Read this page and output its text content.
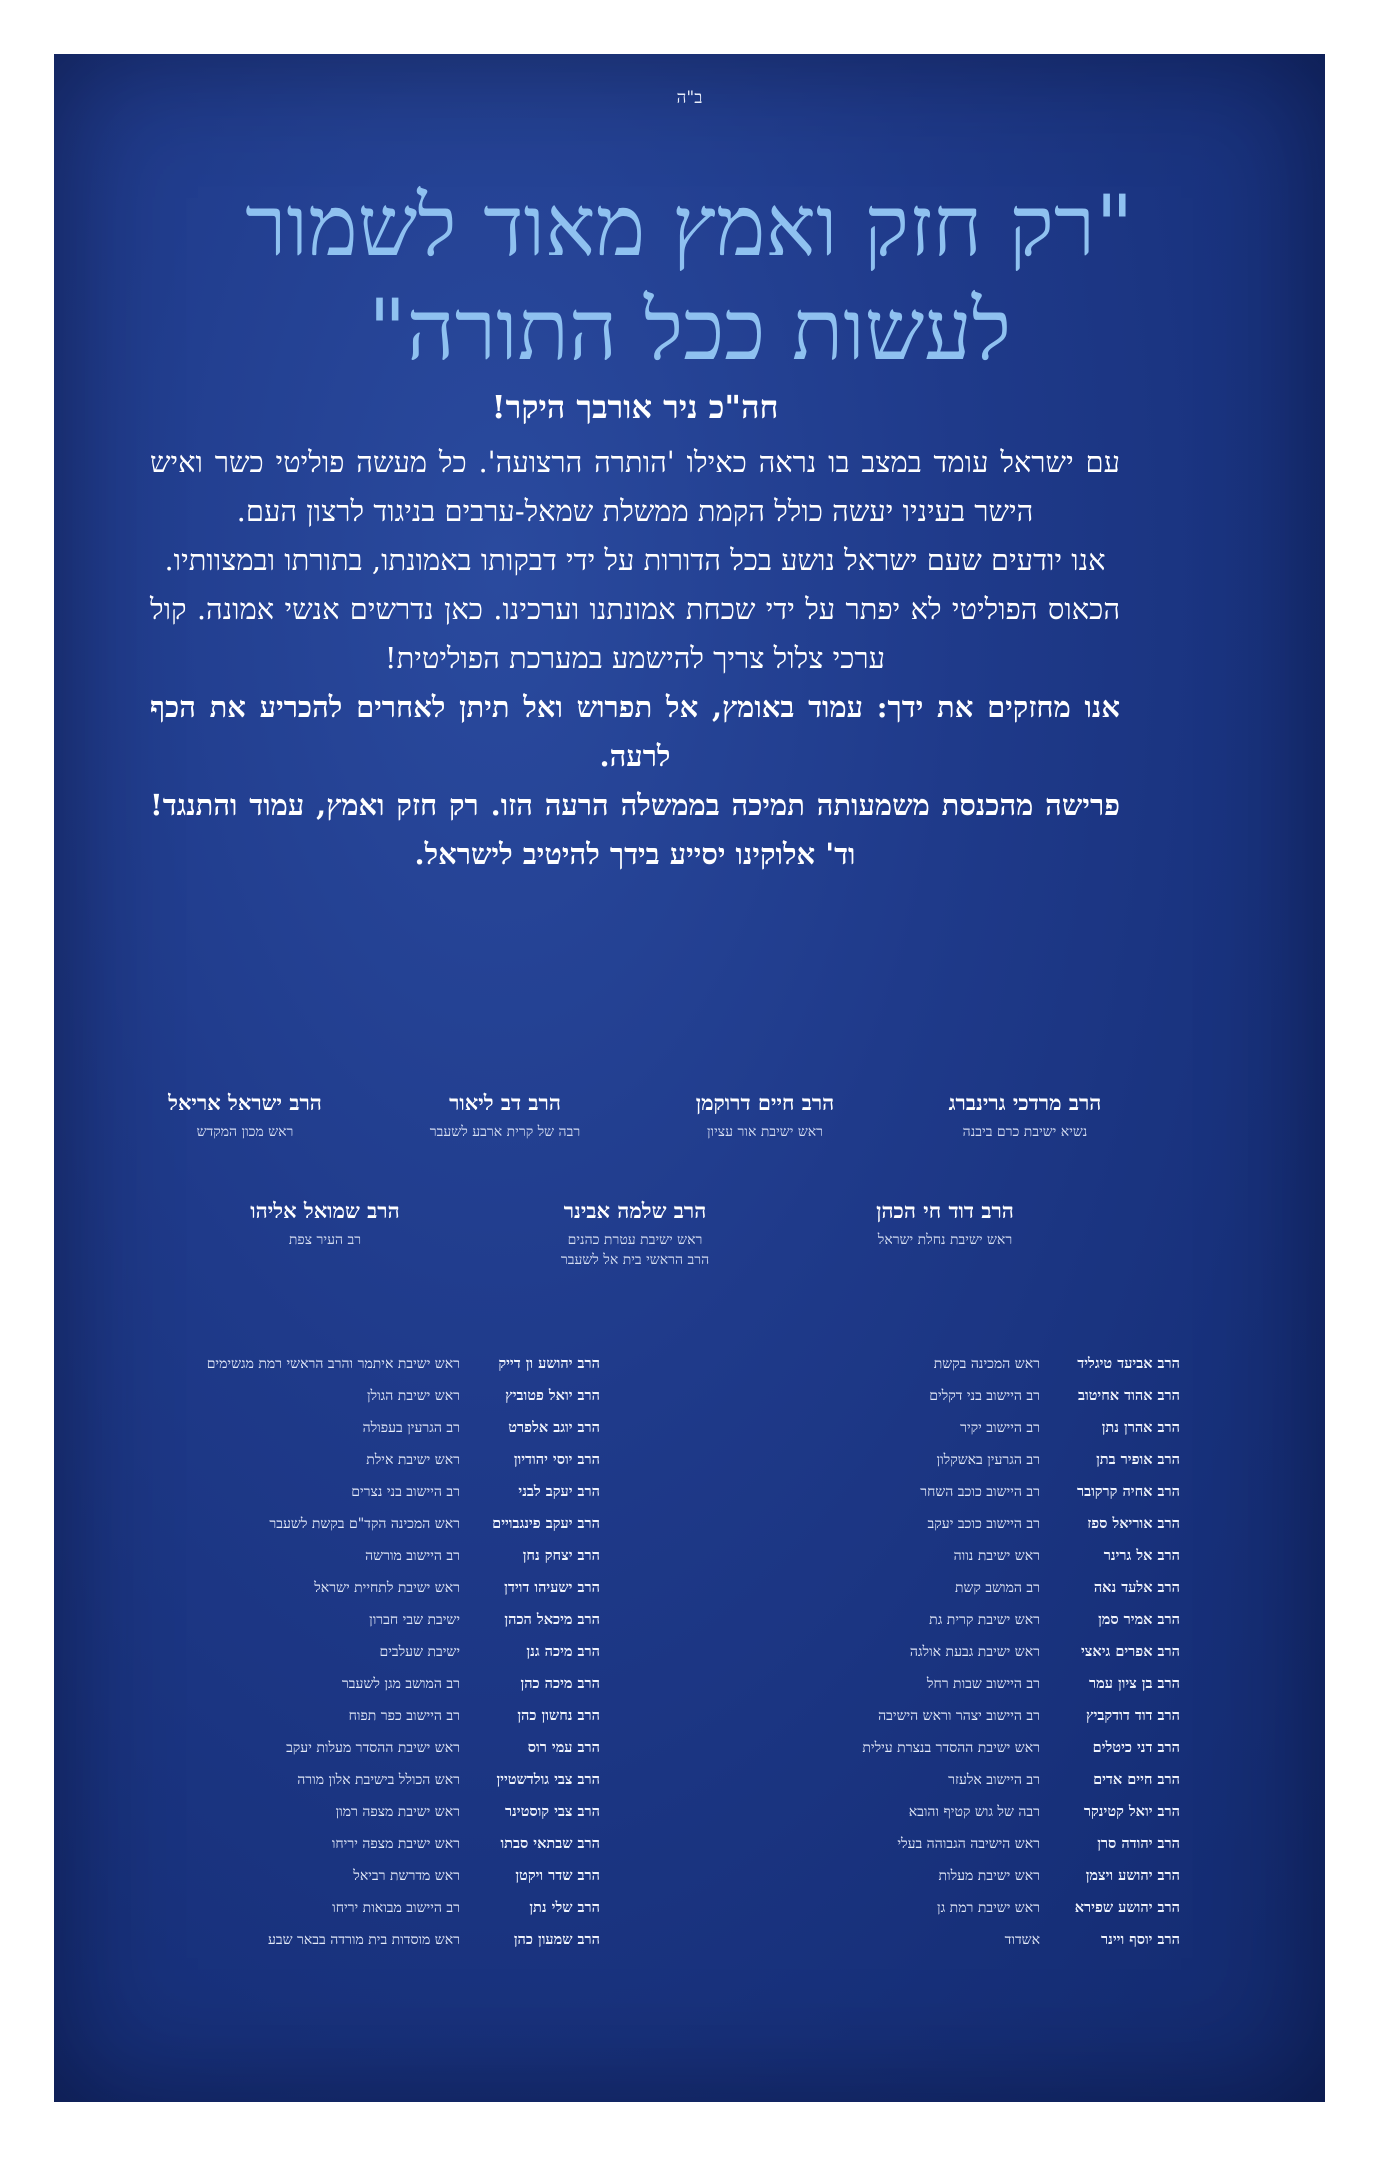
ב"ה
"רק חזק ואמץ מאוד לשמור
לעשות ככל התורה"
חה"כ ניר אורבך היקר!

עם ישראל עומד במצב בו נראה כאילו 'הותרה הרצועה'. כל מעשה פוליטי כשר ואיש הישר בעיניו יעשה כולל הקמת ממשלת שמאל-ערבים בניגוד לרצון העם.

אנו יודעים שעם ישראל נושע בכל הדורות על ידי דבקותו באמונתו, בתורתו ובמצוותיו.

הכאוס הפוליטי לא יפתר על ידי שכחת אמונתנו וערכינו. כאן נדרשים אנשי אמונה. קול ערכי צלול צריך להישמע במערכת הפוליטית!

אנו מחזקים את ידך: עמוד באומץ, אל תפרוש ואל תיתן לאחרים להכריע את הכף לרעה.

פרישה מהכנסת משמעותה תמיכה בממשלה הרעה הזו. רק חזק ואמץ, עמוד והתנגד! וד' אלוקינו יסייע בידך להיטיב לישראל.

הרב מרדכי גרינברג
נשיא ישיבת כרם ביבנה
הרב חיים דרוקמן
ראש ישיבת אור עציון
הרב דב ליאור
רבה של קרית ארבע לשעבר
הרב ישראל אריאל
ראש מכון המקדש
הרב דוד חי הכהן
ראש ישיבת נחלת ישראל
הרב שלמה אבינר
ראש ישיבת עטרת כהנים
הרב הראשי בית אל לשעבר
הרב שמואל אליהו
רב העיר צפת
הרב אביעד טיגליד
ראש המכינה בקשת
הרב אהוד אחיטוב
רב היישוב בני דקלים
הרב אהרן נתן
רב היישוב יקיר
הרב אופיר בתן
רב הגרעין באשקלון
הרב אחיה קרקובר
רב היישוב כוכב השחר
הרב אוריאל ספז
רב היישוב כוכב יעקב
הרב אל גרינר
ראש ישיבת נווה
הרב אלעד נאה
רב המושב קשת
הרב אמיר סמן
ראש ישיבת קרית גת
הרב אפרים גיאצי
ראש ישיבת גבעת אולגה
הרב בן ציון עמר
רב היישוב שבות רחל
הרב דוד דודקביץ
רב היישוב יצהר וראש הישיבה
הרב דני כיטלים
ראש ישיבת ההסדר בנצרת עילית
הרב חיים אדים
רב היישוב אלעזר
הרב יואל קטינקר
רבה של גוש קטיף והובא
הרב יהודה סרן
ראש הישיבה הגבוהה בעלי
הרב יהושע ויצמן
ראש ישיבת מעלות
הרב יהושע שפירא
ראש ישיבת רמת גן
הרב יוסף ויינר
אשדוד
הרב יהושע ון דייק
ראש ישיבת איתמר והרב הראשי רמת מגשימים
הרב יואל פטוביץ
ראש ישיבת הגולן
הרב יוגב אלפרט
רב הגרעין בעפולה
הרב יוסי יהודיון
ראש ישיבת אילת
הרב יעקב לבני
רב היישוב בני נצרים
הרב יעקב פינגבויים
ראש המכינה הקד"ם בקשת לשעבר
הרב יצחק נחן
רב היישוב מורשה
הרב ישעיהו דוידן
ראש ישיבת לתחיית ישראל
הרב מיכאל הכהן
ישיבת שבי חברון
הרב מיכה גנן
ישיבת שעלבים
הרב מיכה כהן
רב המושב מגן לשעבר
הרב נחשון כהן
רב היישוב כפר תפוח
הרב עמי רוס
ראש ישיבת ההסדר מעלות יעקב
הרב צבי גולדשטיין
ראש הכולל בישיבת אלון מורה
הרב צבי קוסטינר
ראש ישיבת מצפה רמון
הרב שבתאי סבתו
ראש ישיבת מצפה יריחו
הרב שדר ויקטן
ראש מדרשת רביאל
הרב שלי נתן
רב היישוב מבואות יריחו
הרב שמעון כהן
ראש מוסדות בית מורדה בבאר שבע
